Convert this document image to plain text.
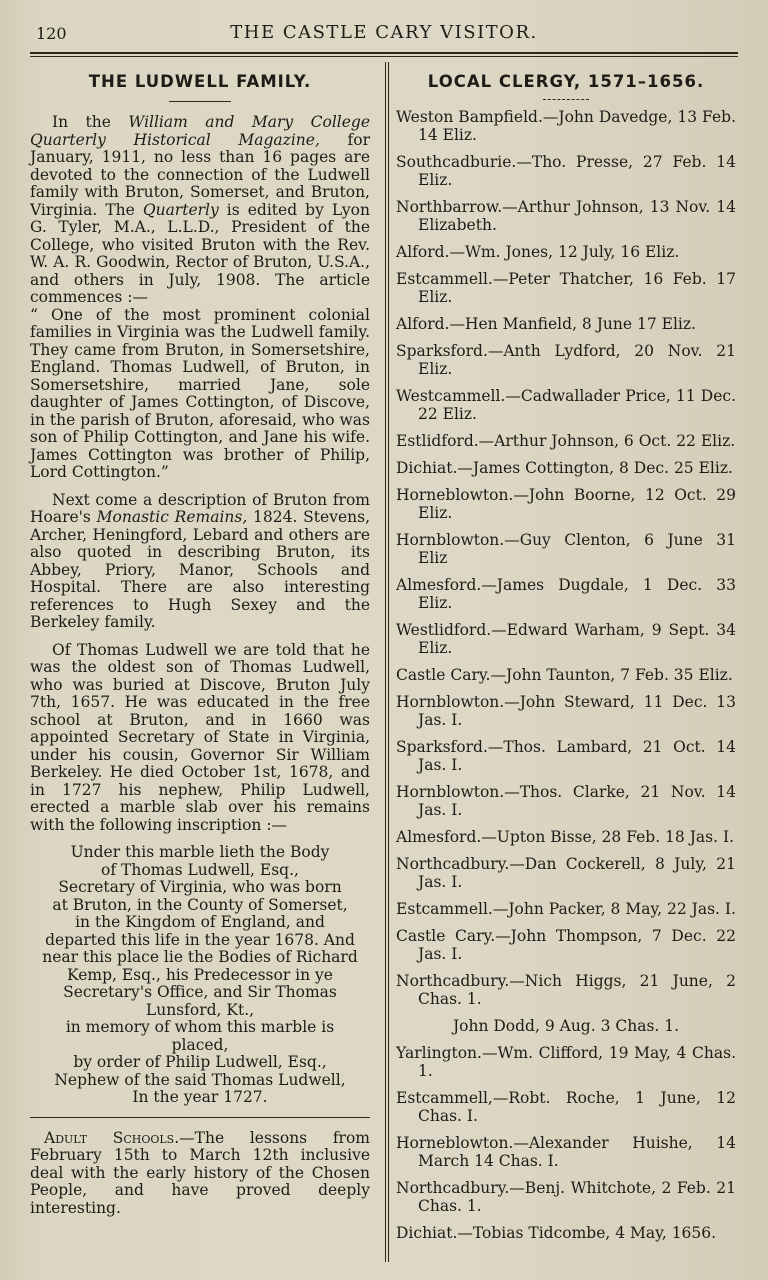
120	THE CASTLE CARY VISITOR.
THE LUDWELL FAMILY.

In the William and Mary College Quarterly Historical Magazine, for January, 1911, no less than 16 pages are devoted to the connection of the Ludwell family with Bruton, Somerset, and Bruton, Virginia. The Quarterly is edited by Lyon G. Tyler, M.A., L.L.D., President of the College, who visited Bruton with the Rev. W. A. R. Goodwin, Rector of Bruton, U.S.A., and others in July, 1908. The article commences :—

“ One of the most prominent colonial families in Virginia was the Ludwell family. They came from Bruton, in Somersetshire, England. Thomas Ludwell, of Bruton, in Somersetshire, married Jane, sole daughter of James Cottington, of Discove, in the parish of Bruton, aforesaid, who was son of Philip Cottington, and Jane his wife. James Cottington was brother of Philip, Lord Cottington.”

Next come a description of Bruton from Hoare's Monastic Remains, 1824. Stevens, Archer, Heningford, Lebard and others are also quoted in describing Bruton, its Abbey, Priory, Manor, Schools and Hospital. There are also interesting references to Hugh Sexey and the Berkeley family.

Of Thomas Ludwell we are told that he was the oldest son of Thomas Ludwell, who was buried at Discove, Bruton July 7th, 1657. He was educated in the free school at Bruton, and in 1660 was appointed Secretary of State in Virginia, under his cousin, Governor Sir William Berkeley. He died October 1st, 1678, and in 1727 his nephew, Philip Ludwell, erected a marble slab over his remains with the following inscription :—

Under this marble lieth the Body
of Thomas Ludwell, Esq.,
Secretary of Virginia, who was born
at Bruton, in the County of Somerset,
in the Kingdom of England, and
departed this life in the year 1678. And
near this place lie the Bodies of Richard
Kemp, Esq., his Predecessor in ye
Secretary's Office, and Sir Thomas
Lunsford, Kt.,
in memory of whom this marble is
placed,
by order of Philip Ludwell, Esq.,
Nephew of the said Thomas Ludwell,
In the year 1727.

Adult Schools.—The lessons from February 15th to March 12th inclusive deal with the early history of the Chosen People, and have proved deeply interesting.

LOCAL CLERGY, 1571–1656.

Weston Bampfield.—John Davedge, 13 Feb. 14 Eliz.

Southcadburie.—Tho. Presse, 27 Feb. 14 Eliz.

Northbarrow.—Arthur Johnson, 13 Nov. 14 Elizabeth.

Alford.—Wm. Jones, 12 July, 16 Eliz.

Estcammell.—Peter Thatcher, 16 Feb. 17 Eliz.

Alford.—Hen Manfield, 8 June 17 Eliz.

Sparksford.—Anth Lydford, 20 Nov. 21 Eliz.

Westcammell.—Cadwallader Price, 11 Dec. 22 Eliz.

Estlidford.—Arthur Johnson, 6 Oct. 22 Eliz.

Dichiat.—James Cottington, 8 Dec. 25 Eliz.

Horneblowton.—John Boorne, 12 Oct. 29 Eliz.

Hornblowton.—Guy Clenton, 6 June 31 Eliz

Almesford.—James Dugdale, 1 Dec. 33 Eliz.

Westlidford.—Edward Warham, 9 Sept. 34 Eliz.

Castle Cary.—John Taunton, 7 Feb. 35 Eliz.

Hornblowton.—John Steward, 11 Dec. 13 Jas. I.

Sparksford.—Thos. Lambard, 21 Oct. 14 Jas. I.

Hornblowton.—Thos. Clarke, 21 Nov. 14 Jas. I.

Almesford.—Upton Bisse, 28 Feb. 18 Jas. I.

Northcadbury.—Dan Cockerell, 8 July, 21 Jas. I.

Estcammell.—John Packer, 8 May, 22 Jas. I.

Castle Cary.—John Thompson, 7 Dec. 22 Jas. I.

Northcadbury.—Nich Higgs, 21 June, 2 Chas. 1.

John Dodd, 9 Aug. 3 Chas. 1.

Yarlington.—Wm. Clifford, 19 May, 4 Chas. 1.

Estcammell,—Robt. Roche, 1 June, 12 Chas. I.

Horneblowton.—Alexander Huishe, 14 March 14 Chas. I.

Northcadbury.—Benj. Whitchote, 2 Feb. 21 Chas. 1.

Dichiat.—Tobias Tidcombe, 4 May, 1656.
